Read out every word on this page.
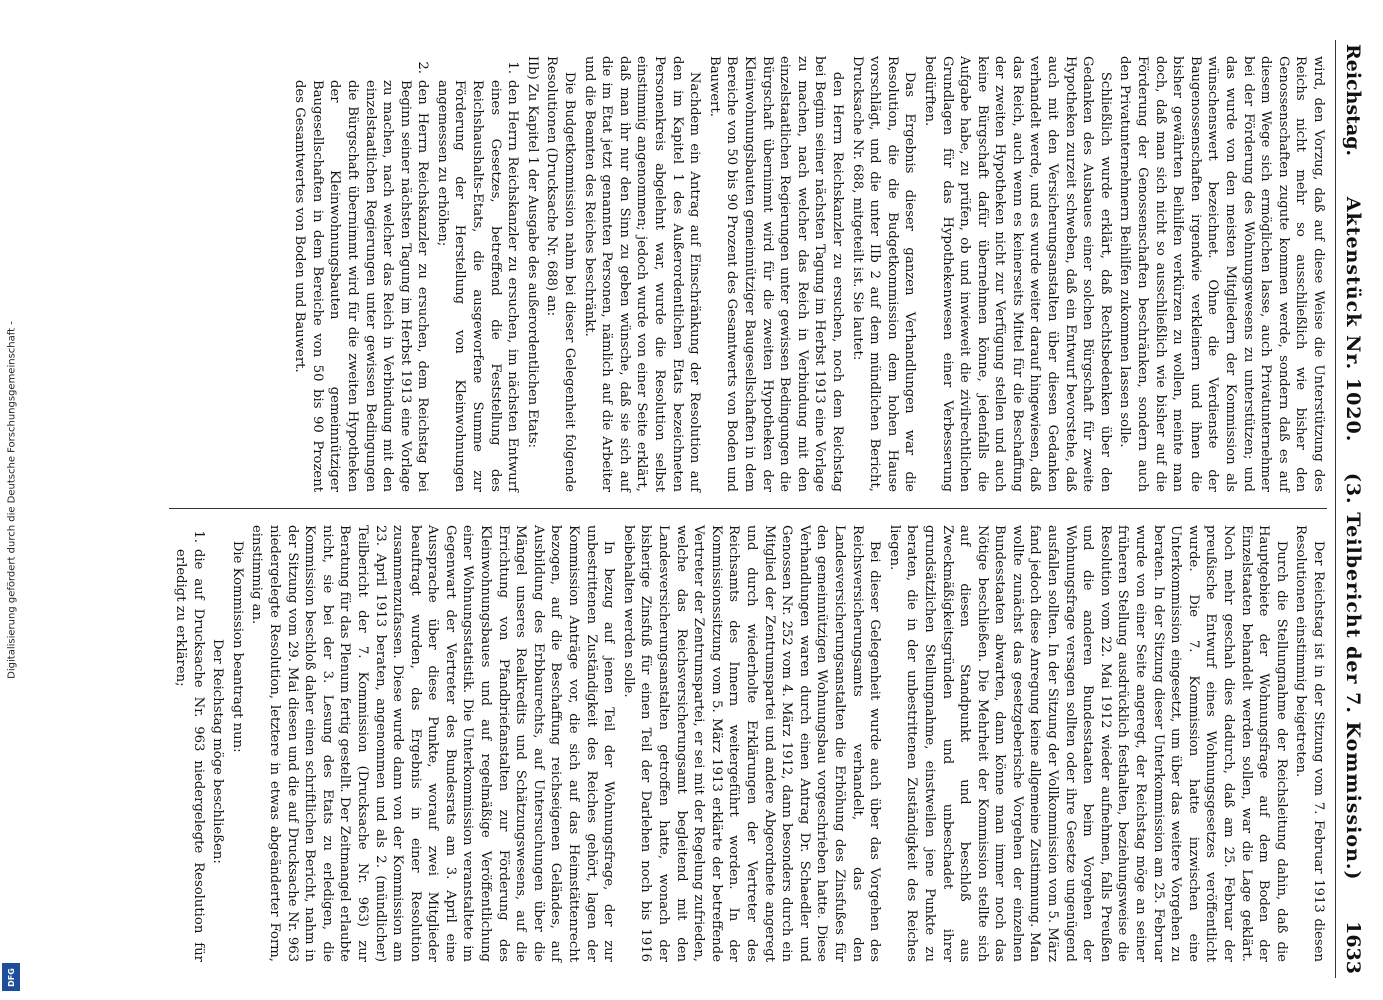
Digitalisierung gefördert durch die Deutsche Forschungsgemeinschaft -
DFG
Reichstag.
Aktenstück Nr. 1020.    (3. Teilbericht der 7. Kommission.)
1633

wird, den Vorzug, daß auf diese Weise die Unterstützung des Reichs nicht mehr so ausschließlich wie bisher den Genossenschaften zugute kommen werde, sondern daß es auf diesem Wege sich ermöglichen lasse, auch Privatunternehmer bei der Förderung des Wohnungswesens zu unterstützen; und das wurde von den meisten Mitgliedern der Kommission als wünschenswert bezeichnet. Ohne die Verdienste der Baugenossenschaften irgendwie verkleinern und ihnen die bisher gewährten Beihilfen verkürzen zu wollen, meinte man doch, daß man sich nicht so ausschließlich wie bisher auf die Förderung der Genossenschaften beschränken, sondern auch den Privatunternehmern Beihilfen zukommen lassen solle.

Schließlich wurde erklärt, daß Rechtsbedenken über den Gedanken des Ausbaues einer solchen Bürgschaft für zweite Hypotheken zurzeit schweben, daß ein Entwurf bevorstehe, daß auch mit den Versicherungsanstalten über diesen Gedanken verhandelt werde, und es wurde weiter darauf hingewiesen, daß das Reich, auch wenn es keinerseits Mittel für die Beschaffung der zweiten Hypotheken nicht zur Verfügung stellen und auch keine Bürgschaft dafür übernehmen könne, jedenfalls die Aufgabe habe, zu prüfen, ob und inwieweit die zivilrechtlichen Grundlagen für das Hypothekenwesen einer Verbesserung bedürften.

Das Ergebnis dieser ganzen Verhandlungen war die Resolution, die die Budgetkommission dem hohen Hause vorschlägt, und die unter IIb 2 auf dem mündlichen Bericht, Drucksache Nr. 688, mitgeteilt ist. Sie lautet:

den Herrn Reichskanzler zu ersuchen, noch dem Reichstag bei Beginn seiner nächsten Tagung im Herbst 1913 eine Vorlage zu machen, nach welcher das Reich in Verbindung mit den einzelstaatlichen Regierungen unter gewissen Bedingungen die Bürgschaft übernimmt wird für die zweiten Hypotheken der Kleinwohnungsbauten gemeinnütziger Baugesellschaften in dem Bereiche von 50 bis 90 Prozent des Gesamtwerts von Boden und Bauwert.

Nachdem ein Antrag auf Einschränkung der Resolution auf den im Kapitel 1 des Außerordentlichen Etats bezeichneten Personenkreis abgelehnt war, wurde die Resolution selbst einstimmig angenommen; jedoch wurde von einer Seite erklärt, daß man ihr nur den Sinn zu geben wünsche, daß sie sich auf die im Etat jetzt genannten Personen, nämlich auf die Arbeiter und die Beamten des Reiches beschränkt.

Die Budgetkommission nahm bei dieser Gelegenheit folgende Resolutionen (Drucksache Nr. 688) an:

IIb) Zu Kapitel 1 der Ausgabe des außerordentlichen Etats:

1.
den Herrn Reichskanzler zu ersuchen, im nächsten Entwurf eines Gesetzes, betreffend die Feststellung des Reichshaushalts-Etats, die ausgeworfene Summe zur Förderung der Herstellung von Kleinwohnungen angemessen zu erhöhen;
2.
den Herrn Reichskanzler zu ersuchen, dem Reichstag bei Beginn seiner nächsten Tagung im Herbst 1913 eine Vorlage zu machen, nach welcher das Reich in Verbindung mit den einzelstaatlichen Regierungen unter gewissen Bedingungen die Bürgschaft übernimmt wird für die zweiten Hypotheken der Kleinwohnungsbauten gemeinnütziger Baugesellschaften in dem Bereiche von 50 bis 90 Prozent des Gesamtwertes von Boden und Bauwert.

Der Reichstag ist in der Sitzung vom 7. Februar 1913 diesen Resolutionen einstimmig beigetreten.

Durch die Stellungnahme der Reichsleitung dahin, daß die Hauptgebiete der Wohnungsfrage auf dem Boden der Einzelstaaten behandelt werden sollen, war die Lage geklärt. Noch mehr geschah dies dadurch, daß am 25. Februar der preußische Entwurf eines Wohnungsgesetzes veröffentlicht wurde. Die 7. Kommission hatte inzwischen eine Unterkommission eingesetzt, um über das weitere Vorgehen zu beraten. In der Sitzung dieser Unterkommission am 25. Februar wurde von einer Seite angeregt, der Reichstag möge an seiner früheren Stellung ausdrücklich festhalten, beziehungsweise die Resolution vom 22. Mai 1912 wieder aufnehmen, falls Preußen und die anderen Bundesstaaten beim Vorgehen der Wohnungsfrage versagen sollten oder ihre Gesetze ungenügend ausfallen sollten. In der Sitzung der Vollkommission vom 5. März fand jedoch diese Anregung keine allgemeine Zustimmung. Man wollte zunächst das gesetzgeberische Vorgehen der einzelnen Bundesstaaten abwarten, dann könne man immer noch das Nötige beschließen. Die Mehrheit der Kommission stellte sich auf diesen Standpunkt und beschloß aus Zweckmäßigkeitsgründen und unbeschadet ihrer grundsätzlichen Stellungnahme, einstweilen jene Punkte zu beraten, die in der unbestrittenen Zuständigkeit des Reiches liegen.

Bei dieser Gelegenheit wurde auch über das Vorgehen des Reichsversicherungsamts verhandelt, das den Landesversicherungsanstalten die Erhöhung des Zinsfußes für den gemeinnützigen Wohnungsbau vorgeschrieben hatte. Diese Verhandlungen waren durch einen Antrag Dr. Schaedler und Genossen Nr. 252 vom 4. März 1912, dann besonders durch ein Mitglied der Zentrumspartei und andere Abgeordnete angeregt und durch wiederholte Erklärungen der Vertreter des Reichsamts des Innern weitergeführt worden. In der Kommissionssitzung vom 5. März 1913 erklärte der betreffende Vertreter der Zentrumspartei, er sei mit der Regelung zufrieden, welche das Reichsversicherungsamt begleitend mit den Landesversicherungsanstalten getroffen hatte, wonach der bisherige Zinsfuß für einen Teil der Darlehen noch bis 1916 beibehalten werden solle.

In bezug auf jenen Teil der Wohnungsfrage, der zur unbestrittenen Zuständigkeit des Reiches gehört, lagen der Kommission Anträge vor, die sich auf das Heimstättenrecht bezogen, auf die Beschaffung reichseigenen Geländes, auf Ausbildung des Erbbaurechts, auf Untersuchungen über die Mängel unseres Realkredits und Schätzungswesens, auf die Errichtung von Pfandbriefanstalten zur Förderung des Kleinwohnungsbaues und auf regelmäßige Veröffentlichung einer Wohnungsstatistik. Die Unterkommission veranstaltete im Gegenwart der Vertreter des Bundesrats am 3. April eine Aussprache über diese Punkte, worauf zwei Mitglieder beauftragt wurden, das Ergebnis in einer Resolution zusammenzufassen. Diese wurde dann von der Kommission am 23. April 1913 beraten, angenommen und als 2. (mündlicher) Teilbericht der 7. Kommission (Drucksache Nr. 963) zur Beratung für das Plenum fertig gestellt. Der Zeitmangel erlaubte nicht, sie bei der 3. Lesung des Etats zu erledigen, die Kommission beschloß daher einen schriftlichen Bericht, nahm in der Sitzung vom 29. Mai diesen und die auf Drucksache Nr. 963 niedergelegte Resolution, letztere in etwas abgeänderter Form, einstimmig an.

Die Kommission beantragt nun:

Der Reichstag möge beschließen:

1.
die auf Drucksache Nr. 963 niedergelegte Resolution für erledigt zu erklären;
